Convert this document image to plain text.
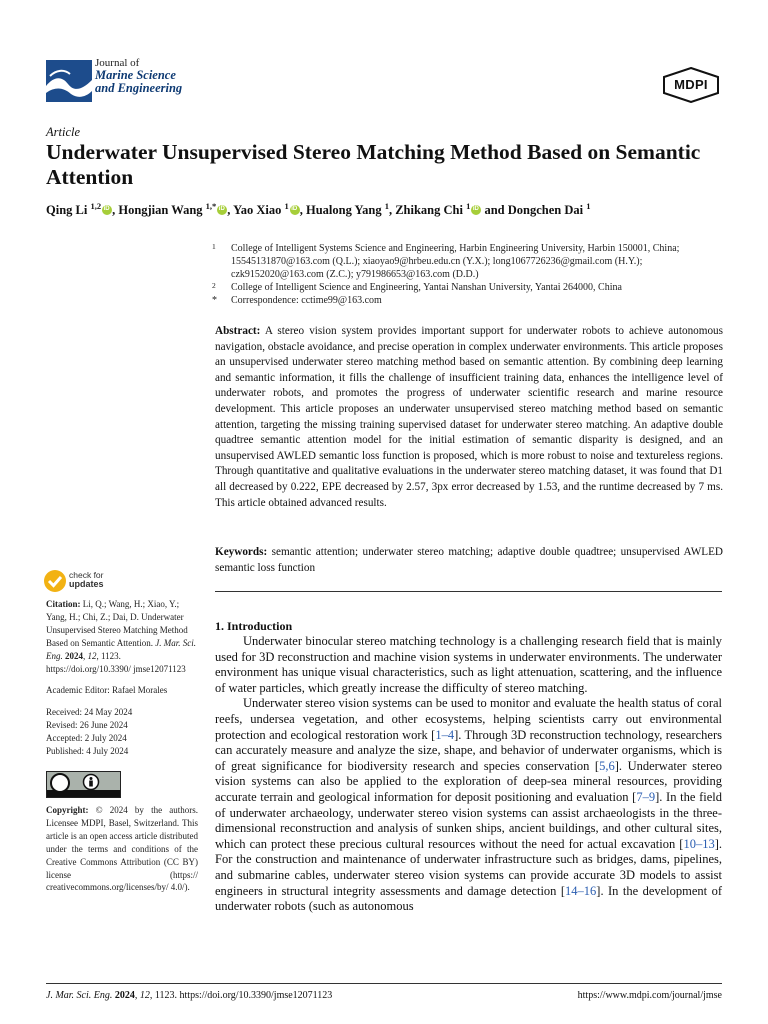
Journal of
Marine Science
and Engineering	MDPI
Article
Underwater Unsupervised Stereo Matching Method Based on Semantic Attention
Qing Li $^{1,2}$ iD , Hongjian Wang $^{1,*}$ iD , Yao Xiao $^1$ iD , Hualong Yang $^1$, Zhikang Chi $^1$iD and Dongchen Dai $^1$
1 College of Intelligent Systems Science and Engineering, Harbin Engineering University, Harbin 150001, China; 15545131870@163.com (Q.L.); xiaoyao9@hrbeu.edu.cn (Y.X.); long1067726236@gmail.com (H.Y.); czk9152020@163.com (Z.C.); y791986653@163.com (D.D.)
2 College of Intelligent Science and Engineering, Yantai Nanshan University, Yantai 264000, China
* Correspondence: cctime99@163.com
Abstract: A stereo vision system provides important support for underwater robots to achieve autonomous navigation, obstacle avoidance, and precise operation in complex underwater environments. This article proposes an unsupervised underwater stereo matching method based on semantic attention. By combining deep learning and semantic information, it fills the challenge of insufficient training data, enhances the intelligence level of underwater robots, and promotes the progress of underwater scientific research and marine resource development. This article proposes an underwater unsupervised stereo matching method based on semantic attention, targeting the missing training supervised dataset for underwater stereo matching. An adaptive double quadtree semantic attention model for the initial estimation of semantic disparity is designed, and an unsupervised AWLED semantic loss function is proposed, which is more robust to noise and textureless regions. Through quantitative and qualitative evaluations in the underwater stereo matching dataset, it was found that D1 all decreased by 0.222, EPE decreased by 2.57, 3px error decreased by 1.53, and the runtime decreased by 7 ms. This article obtained advanced results.
Keywords: semantic attention; underwater stereo matching; adaptive double quadtree; unsupervised AWLED semantic loss function
check for
updates

Citation: Li, Q.; Wang, H.; Xiao, Y.; Yang, H.; Chi, Z.; Dai, D. Underwater Unsupervised Stereo Matching Method Based on Semantic Attention. J. Mar. Sci. Eng. 2024, 12, 1123. https://doi.org/10.3390/ jmse12071123

Academic Editor: Rafael Morales

Received: 24 May 2024

Revised: 26 June 2024

Accepted: 2 July 2024

Published: 4 July 2024

Copyright: © 2024 by the authors. Licensee MDPI, Basel, Switzerland. This article is an open access article distributed under the terms and conditions of the Creative Commons Attribution (CC BY) license (https:// creativecommons.org/licenses/by/ 4.0/).

1. Introduction

Underwater binocular stereo matching technology is a challenging research field that is mainly used for 3D reconstruction and machine vision systems in underwater environments. The underwater environment has unique visual characteristics, such as light attenuation, scattering, and the influence of water particles, which greatly increase the difficulty of stereo matching.

Underwater stereo vision systems can be used to monitor and evaluate the health status of coral reefs, undersea vegetation, and other ecosystems, helping scientists carry out environmental protection and ecological restoration work [1–4]. Through 3D reconstruction technology, researchers can accurately measure and analyze the size, shape, and behavior of underwater organisms, which is of great significance for biodiversity research and species conservation [5,6]. Underwater stereo vision systems can also be applied to the exploration of deep-sea mineral resources, providing accurate terrain and geological information for deposit positioning and evaluation [7–9]. In the field of underwater archaeology, underwater stereo vision systems can assist archaeologists in the three-dimensional reconstruction and analysis of sunken ships, ancient buildings, and other cultural sites, which can protect these precious cultural resources without the need for actual excavation [10–13]. For the construction and maintenance of underwater infrastructure such as bridges, dams, pipelines, and submarine cables, underwater stereo vision systems can provide accurate 3D models to assist engineers in structural integrity assessments and damage detection [14–16]. In the development of underwater robots (such as autonomous

J. Mar. Sci. Eng. 2024, 12, 1123. https://doi.org/10.3390/jmse12071123	https://www.mdpi.com/journal/jmse
